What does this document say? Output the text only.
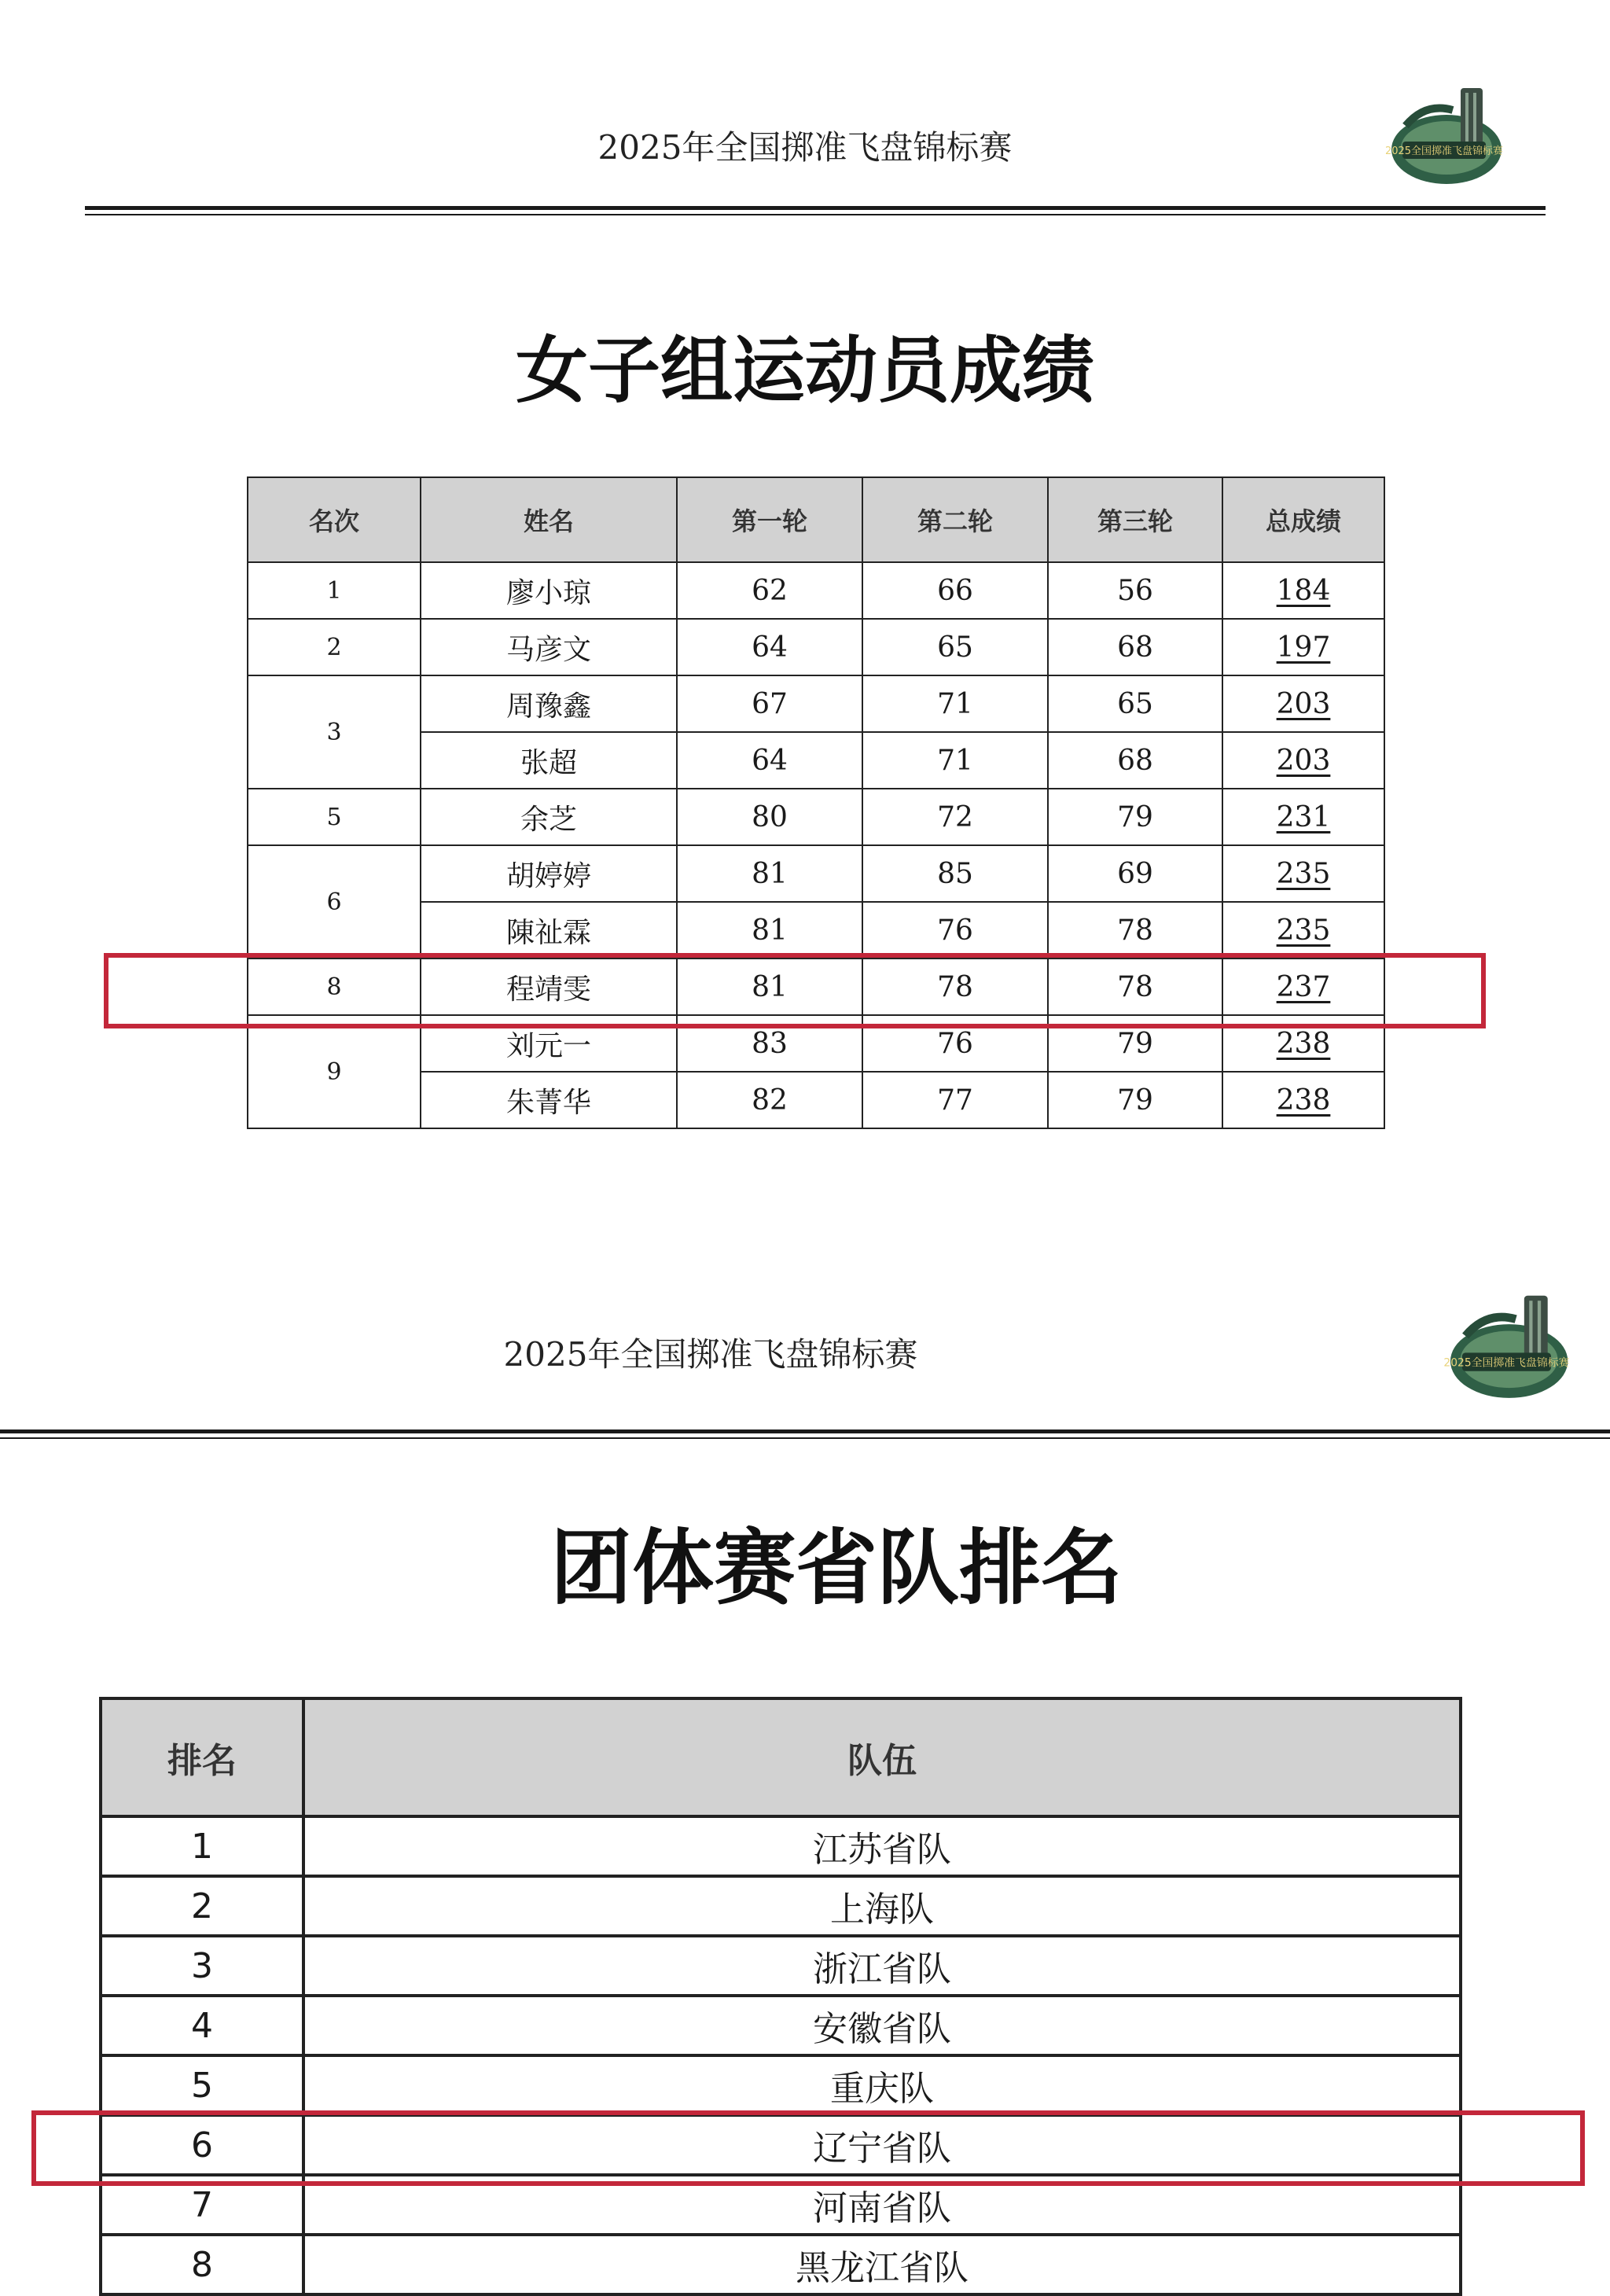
2025年全国掷准飞盘锦标赛	2025全国掷准飞盘锦标赛
女子组运动员成绩
名次	姓名	第一轮	第二轮	第三轮	总成绩
1	廖小琼	62	66	56	184
2	马彦文	64	65	68	197
3	周豫鑫	67	71	65	203
	张超	64	71	68	203
5	余芝	80	72	79	231
6	胡婷婷	81	85	69	235
	陳祉霖	81	76	78	235
8	程靖雯	81	78	78	237
9	刘元一	83	76	79	238
	朱菁华	82	77	79	238
2025年全国掷准飞盘锦标赛	2025全国掷准飞盘锦标赛
团体赛省队排名
排名	队伍
1	江苏省队
2	上海队
3	浙江省队
4	安徽省队
5	重庆队
6	辽宁省队
7	河南省队
8	黑龙江省队
